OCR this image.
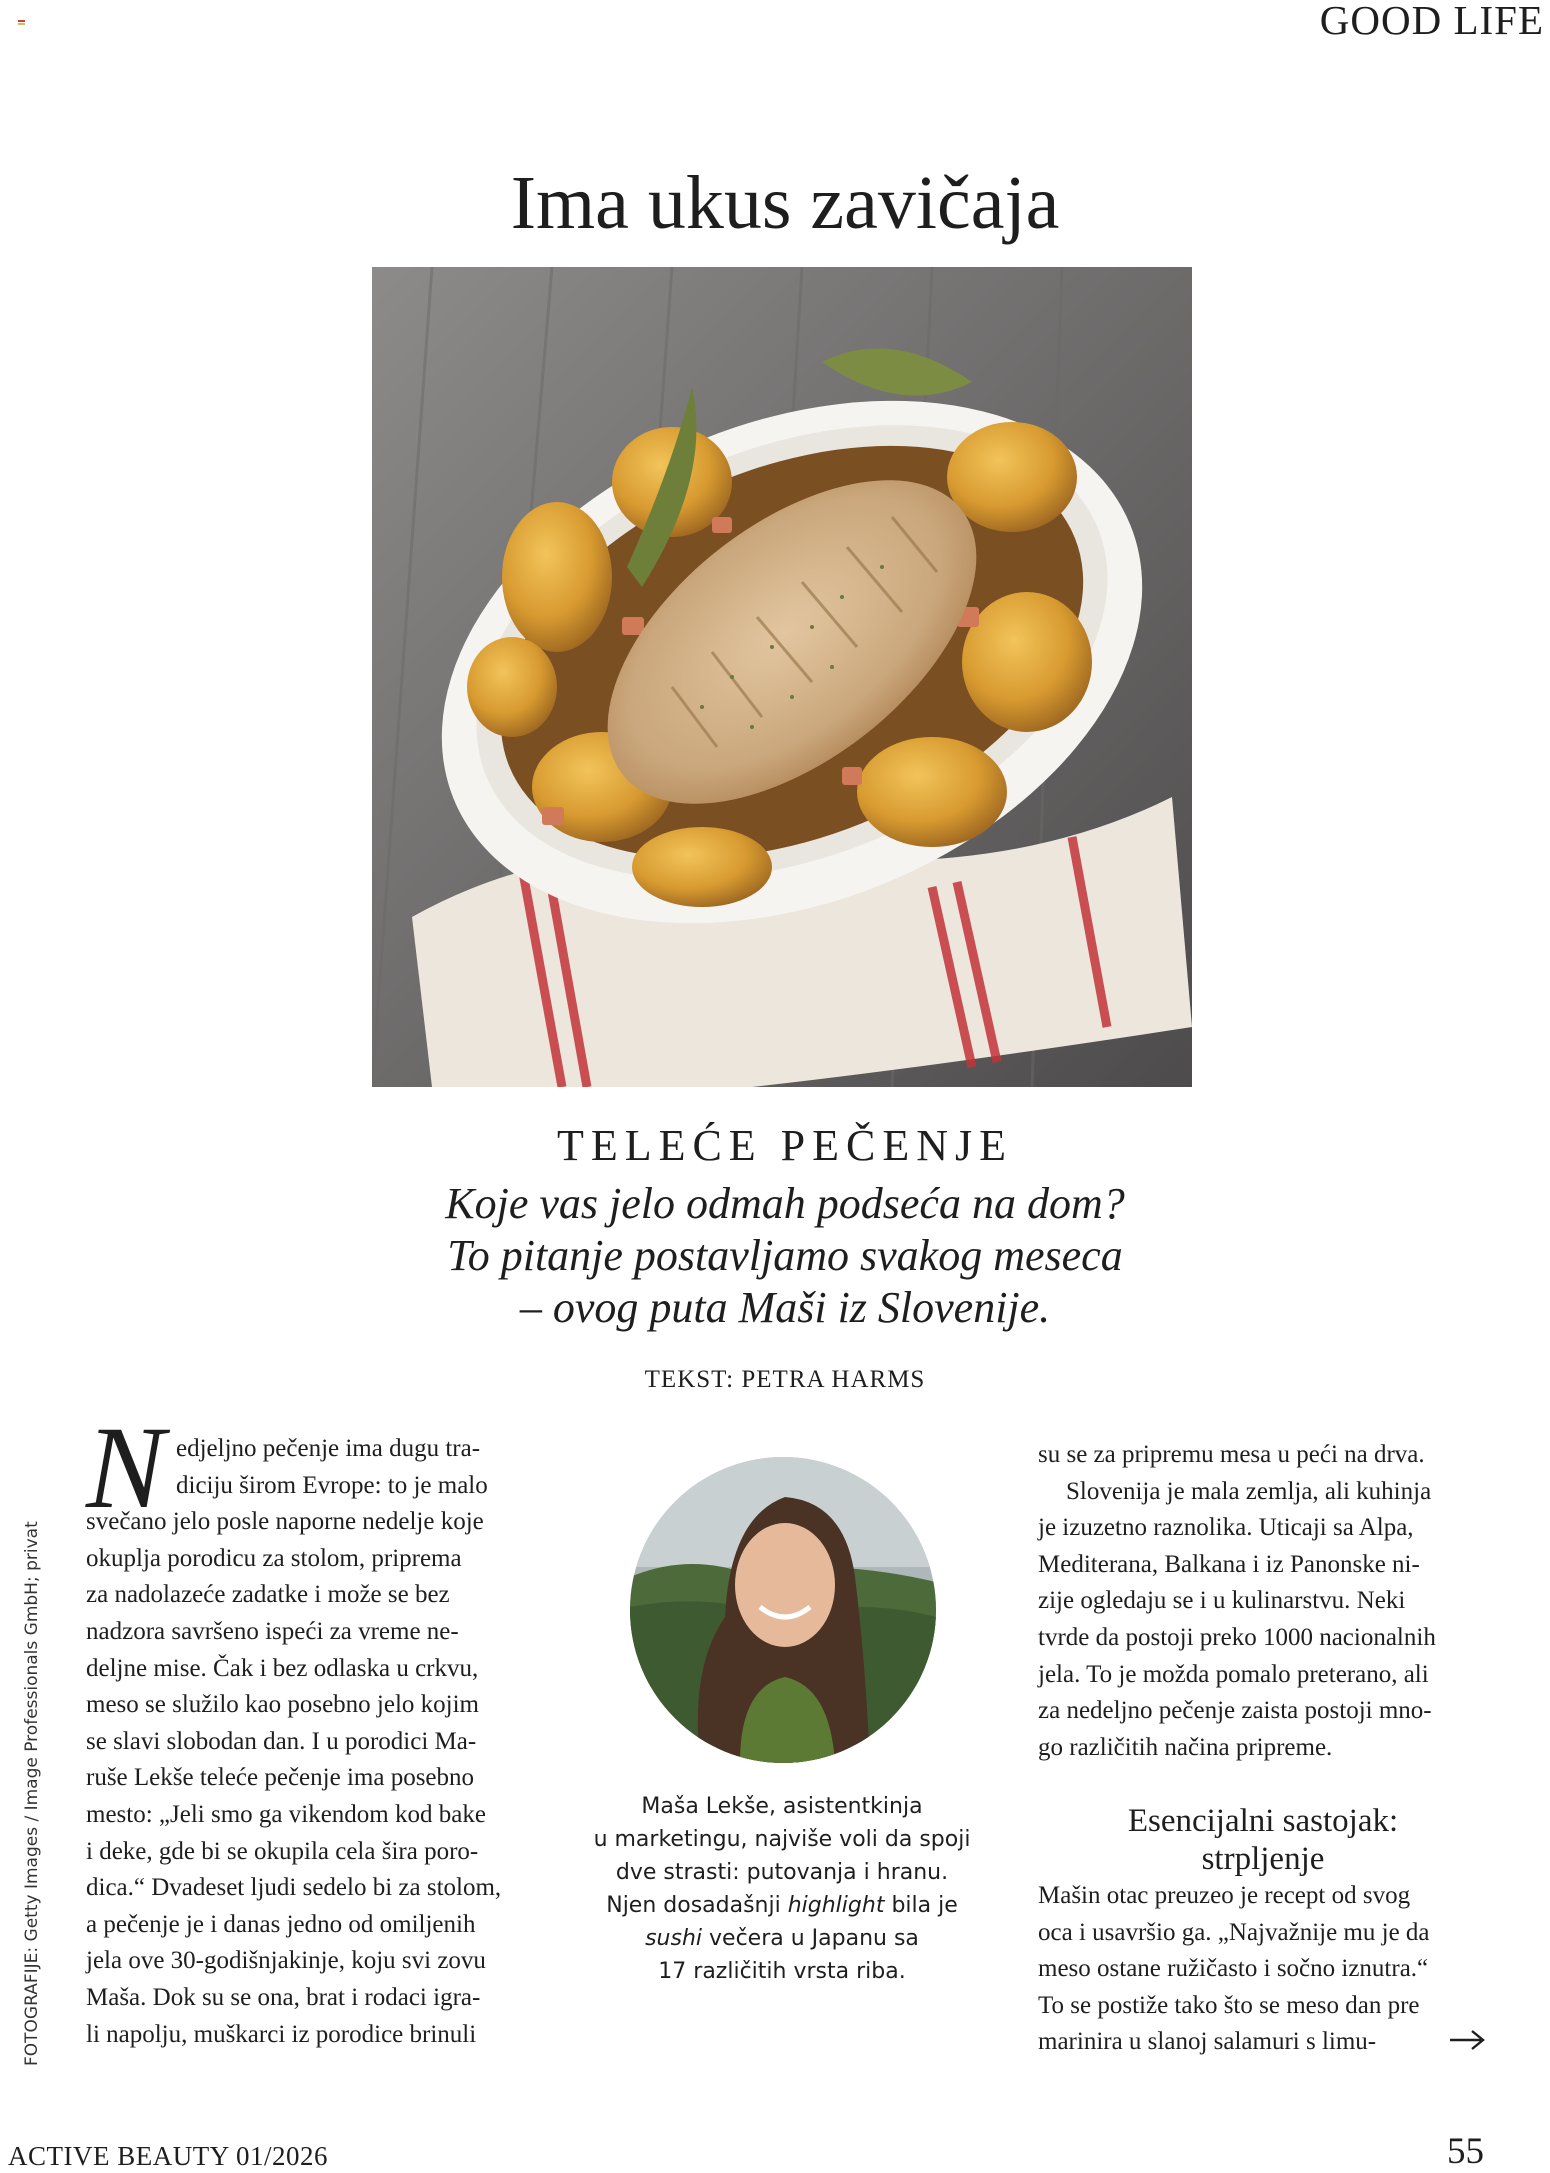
GOOD LIFE
Ima ukus zavičaja
TELEĆE PEČENJE
Koje vas jelo odmah podseća na dom?
To pitanje postavljamo svakog meseca
– ovog puta Maši iz Slovenije.
TEKST: PETRA HARMS
FOTOGRAFIJE: Getty Images / Image Professionals GmbH; privat
N edjeljno pečenje ima dugu tra-
diciju širom Evrope: to je malo
svečano jelo posle naporne nedelje koje
okuplja porodicu za stolom, priprema
za nadolazeće zadatke i može se bez
nadzora savršeno ispeći za vreme ne-
deljne mise. Čak i bez odlaska u crkvu,
meso se služilo kao posebno jelo kojim
se slavi slobodan dan. I u porodici Ma-
ruše Lekše teleće pečenje ima posebno
mesto: „Jeli smo ga vikendom kod bake
i deke, gde bi se okupila cela šira poro-
dica.“ Dvadeset ljudi sedelo bi za stolom,
a pečenje je i danas jedno od omiljenih
jela ove 30-godišnjakinje, koju svi zovu
Maša. Dok su se ona, brat i rodaci igra-
li napolju, muškarci iz porodice brinuli
Maša Lekše, asistentkinja
u marketingu, najviše voli da spoji
dve strasti: putovanja i hranu.
Njen dosadašnji highlight bila je
sushi večera u Japanu sa
17 različitih vrsta riba.
su se za pripremu mesa u peći na drva.
Slovenija je mala zemlja, ali kuhinja
je izuzetno raznolika. Uticaji sa Alpa,
Mediterana, Balkana i iz Panonske ni-
zije ogledaju se i u kulinarstvu. Neki
tvrde da postoji preko 1000 nacionalnih
jela. To je možda pomalo preterano, ali
za nedeljno pečenje zaista postoji mno-
go različitih načina pripreme.
Esencijalni sastojak:
strpljenje
Mašin otac preuzeo je recept od svog
oca i usavršio ga. „Najvažnije mu je da
meso ostane ružičasto i sočno iznutra.“
To se postiže tako što se meso dan pre
marinira u slanoj salamuri s limu-
ACTIVE BEAUTY 01/2026	55
